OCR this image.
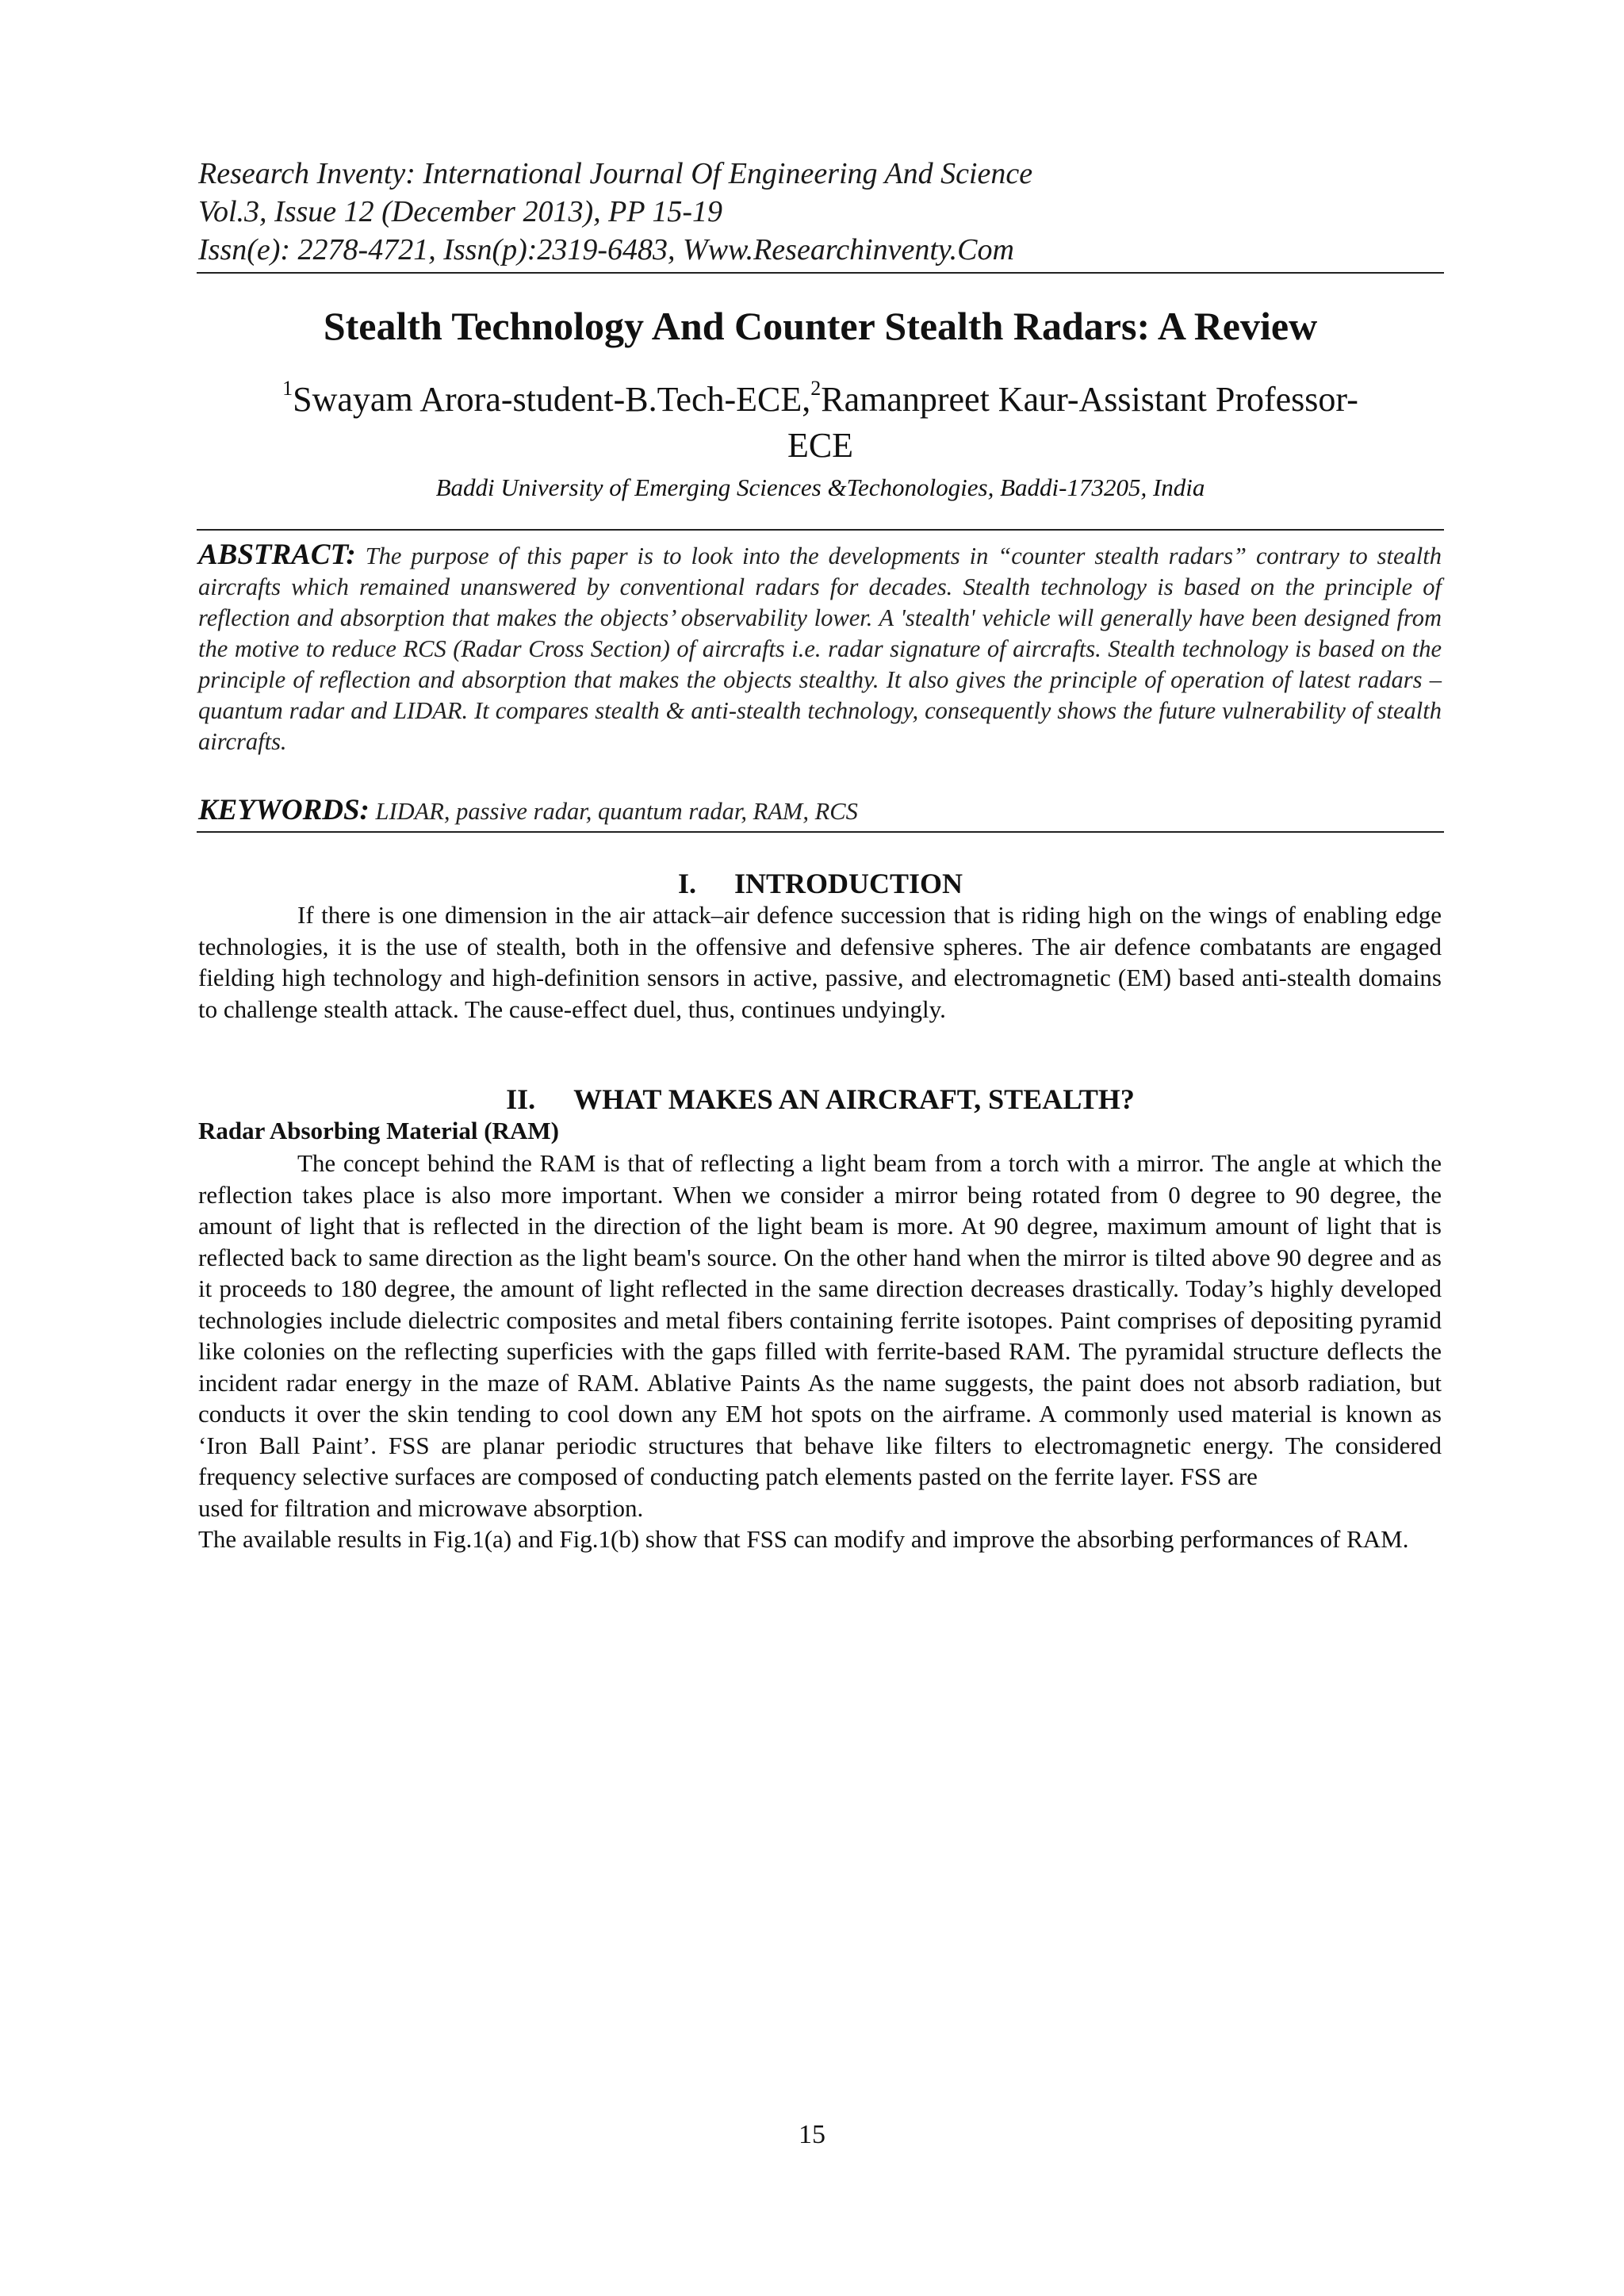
Research Inventy: International Journal Of Engineering And Science
Vol.3, Issue 12 (December 2013), PP 15-19
Issn(e): 2278-4721, Issn(p):2319-6483, Www.Researchinventy.Com
Stealth Technology And Counter Stealth Radars: A Review
$^1$Swayam Arora-student-B.Tech-ECE,$^2$Ramanpreet Kaur-Assistant Professor-
ECE
Baddi University of Emerging Sciences &Techonologies, Baddi-173205, India
ABSTRACT: The purpose of this paper is to look into the developments in “counter stealth radars” contrary to stealth aircrafts which remained unanswered by conventional radars for decades. Stealth technology is based on the principle of reflection and absorption that makes the objects’ observability lower. A 'stealth' vehicle will generally have been designed from the motive to reduce RCS (Radar Cross Section) of aircrafts i.e. radar signature of aircrafts. Stealth technology is based on the principle of reflection and absorption that makes the objects stealthy. It also gives the principle of operation of latest radars – quantum radar and LIDAR. It compares stealth & anti-stealth technology, consequently shows the future vulnerability of stealth aircrafts.
KEYWORDS: LIDAR, passive radar, quantum radar, RAM, RCS
I. INTRODUCTION

If there is one dimension in the air attack–air defence succession that is riding high on the wings of enabling edge technologies, it is the use of stealth, both in the offensive and defensive spheres. The air defence combatants are engaged fielding high technology and high-definition sensors in active, passive, and electromagnetic (EM) based anti-stealth domains to challenge stealth attack. The cause-effect duel, thus, continues undyingly.

II. WHAT MAKES AN AIRCRAFT, STEALTH?
Radar Absorbing Material (RAM)

The concept behind the RAM is that of reflecting a light beam from a torch with a mirror. The angle at which the reflection takes place is also more important. When we consider a mirror being rotated from 0 degree to 90 degree, the amount of light that is reflected in the direction of the light beam is more. At 90 degree, maximum amount of light that is reflected back to same direction as the light beam's source. On the other hand when the mirror is tilted above 90 degree and as it proceeds to 180 degree, the amount of light reflected in the same direction decreases drastically. Today’s highly developed technologies include dielectric composites and metal fibers containing ferrite isotopes. Paint comprises of depositing pyramid like colonies on the reflecting superficies with the gaps filled with ferrite-based RAM. The pyramidal structure deflects the incident radar energy in the maze of RAM. Ablative Paints As the name suggests, the paint does not absorb radiation, but conducts it over the skin tending to cool down any EM hot spots on the airframe. A commonly used material is known as ‘Iron Ball Paint’. FSS are planar periodic structures that behave like filters to electromagnetic energy. The considered frequency selective surfaces are composed of conducting patch elements pasted on the ferrite layer. FSS are

used for filtration and microwave absorption.

The available results in Fig.1(a) and Fig.1(b) show that FSS can modify and improve the absorbing performances of RAM.

15
